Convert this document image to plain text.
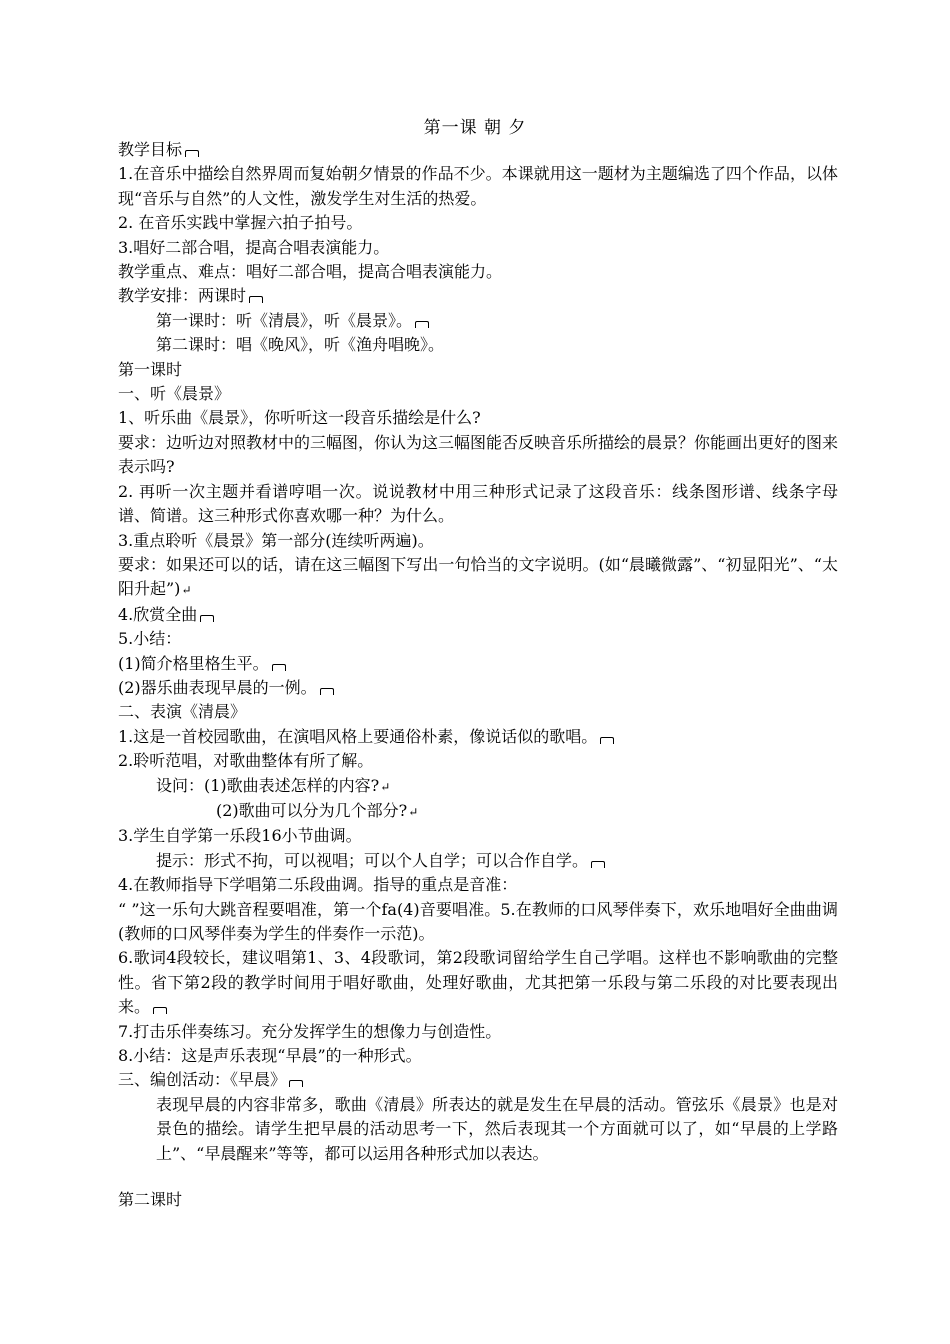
第一课 朝 夕

教学目标

1.在音乐中描绘自然界周而复始朝夕情景的作品不少。本课就用这一题材为主题编选了四个作品，以体现“音乐与自然”的人文性，激发学生对生活的热爱。

2. 在音乐实践中掌握六拍子拍号。

3.唱好二部合唱，提高合唱表演能力。

教学重点、难点：唱好二部合唱，提高合唱表演能力。

教学安排：两课时

第一课时：听《清晨》，听《晨景》。

第二课时：唱《晚风》，听《渔舟唱晚》。

第一课时

一、听《晨景》

1、听乐曲《晨景》，你听听这一段音乐描绘是什么?

要求：边听边对照教材中的三幅图，你认为这三幅图能否反映音乐所描绘的晨景？你能画出更好的图来表示吗?

2. 再听一次主题并看谱哼唱一次。说说教材中用三种形式记录了这段音乐：线条图形谱、线条字母谱、简谱。这三种形式你喜欢哪一种？为什么。

3.重点聆听《晨景》第一部分(连续听两遍)。

要求：如果还可以的话，请在这三幅图下写出一句恰当的文字说明。(如“晨曦微露”、“初显阳光”、“太阳升起”)↵

4.欣赏全曲

5.小结：

(1)简介格里格生平。

(2)器乐曲表现早晨的一例。

二、表演《清晨》

1.这是一首校园歌曲，在演唱风格上要通俗朴素，像说话似的歌唱。

2.聆听范唱，对歌曲整体有所了解。

设问：(1)歌曲表述怎样的内容?↵

(2)歌曲可以分为几个部分?↵

3.学生自学第一乐段16小节曲调。

提示：形式不拘，可以视唱；可以个人自学；可以合作自学。

4.在教师指导下学唱第二乐段曲调。指导的重点是音准：

“ ”这一乐句大跳音程要唱准，第一个fa(4)音要唱准。5.在教师的口风琴伴奏下，欢乐地唱好全曲曲调(教师的口风琴伴奏为学生的伴奏作一示范)。

6.歌词4段较长，建议唱第1、3、4段歌词，第2段歌词留给学生自己学唱。这样也不影响歌曲的完整性。省下第2段的教学时间用于唱好歌曲，处理好歌曲，尤其把第一乐段与第二乐段的对比要表现出来。

7.打击乐伴奏练习。充分发挥学生的想像力与创造性。

8.小结：这是声乐表现“早晨”的一种形式。

三、编创活动：《早晨》

表现早晨的内容非常多，歌曲《清晨》所表达的就是发生在早晨的活动。管弦乐《晨景》也是对景色的描绘。请学生把早晨的活动思考一下，然后表现其一个方面就可以了，如“早晨的上学路上”、“早晨醒来”等等，都可以运用各种形式加以表达。

第二课时
